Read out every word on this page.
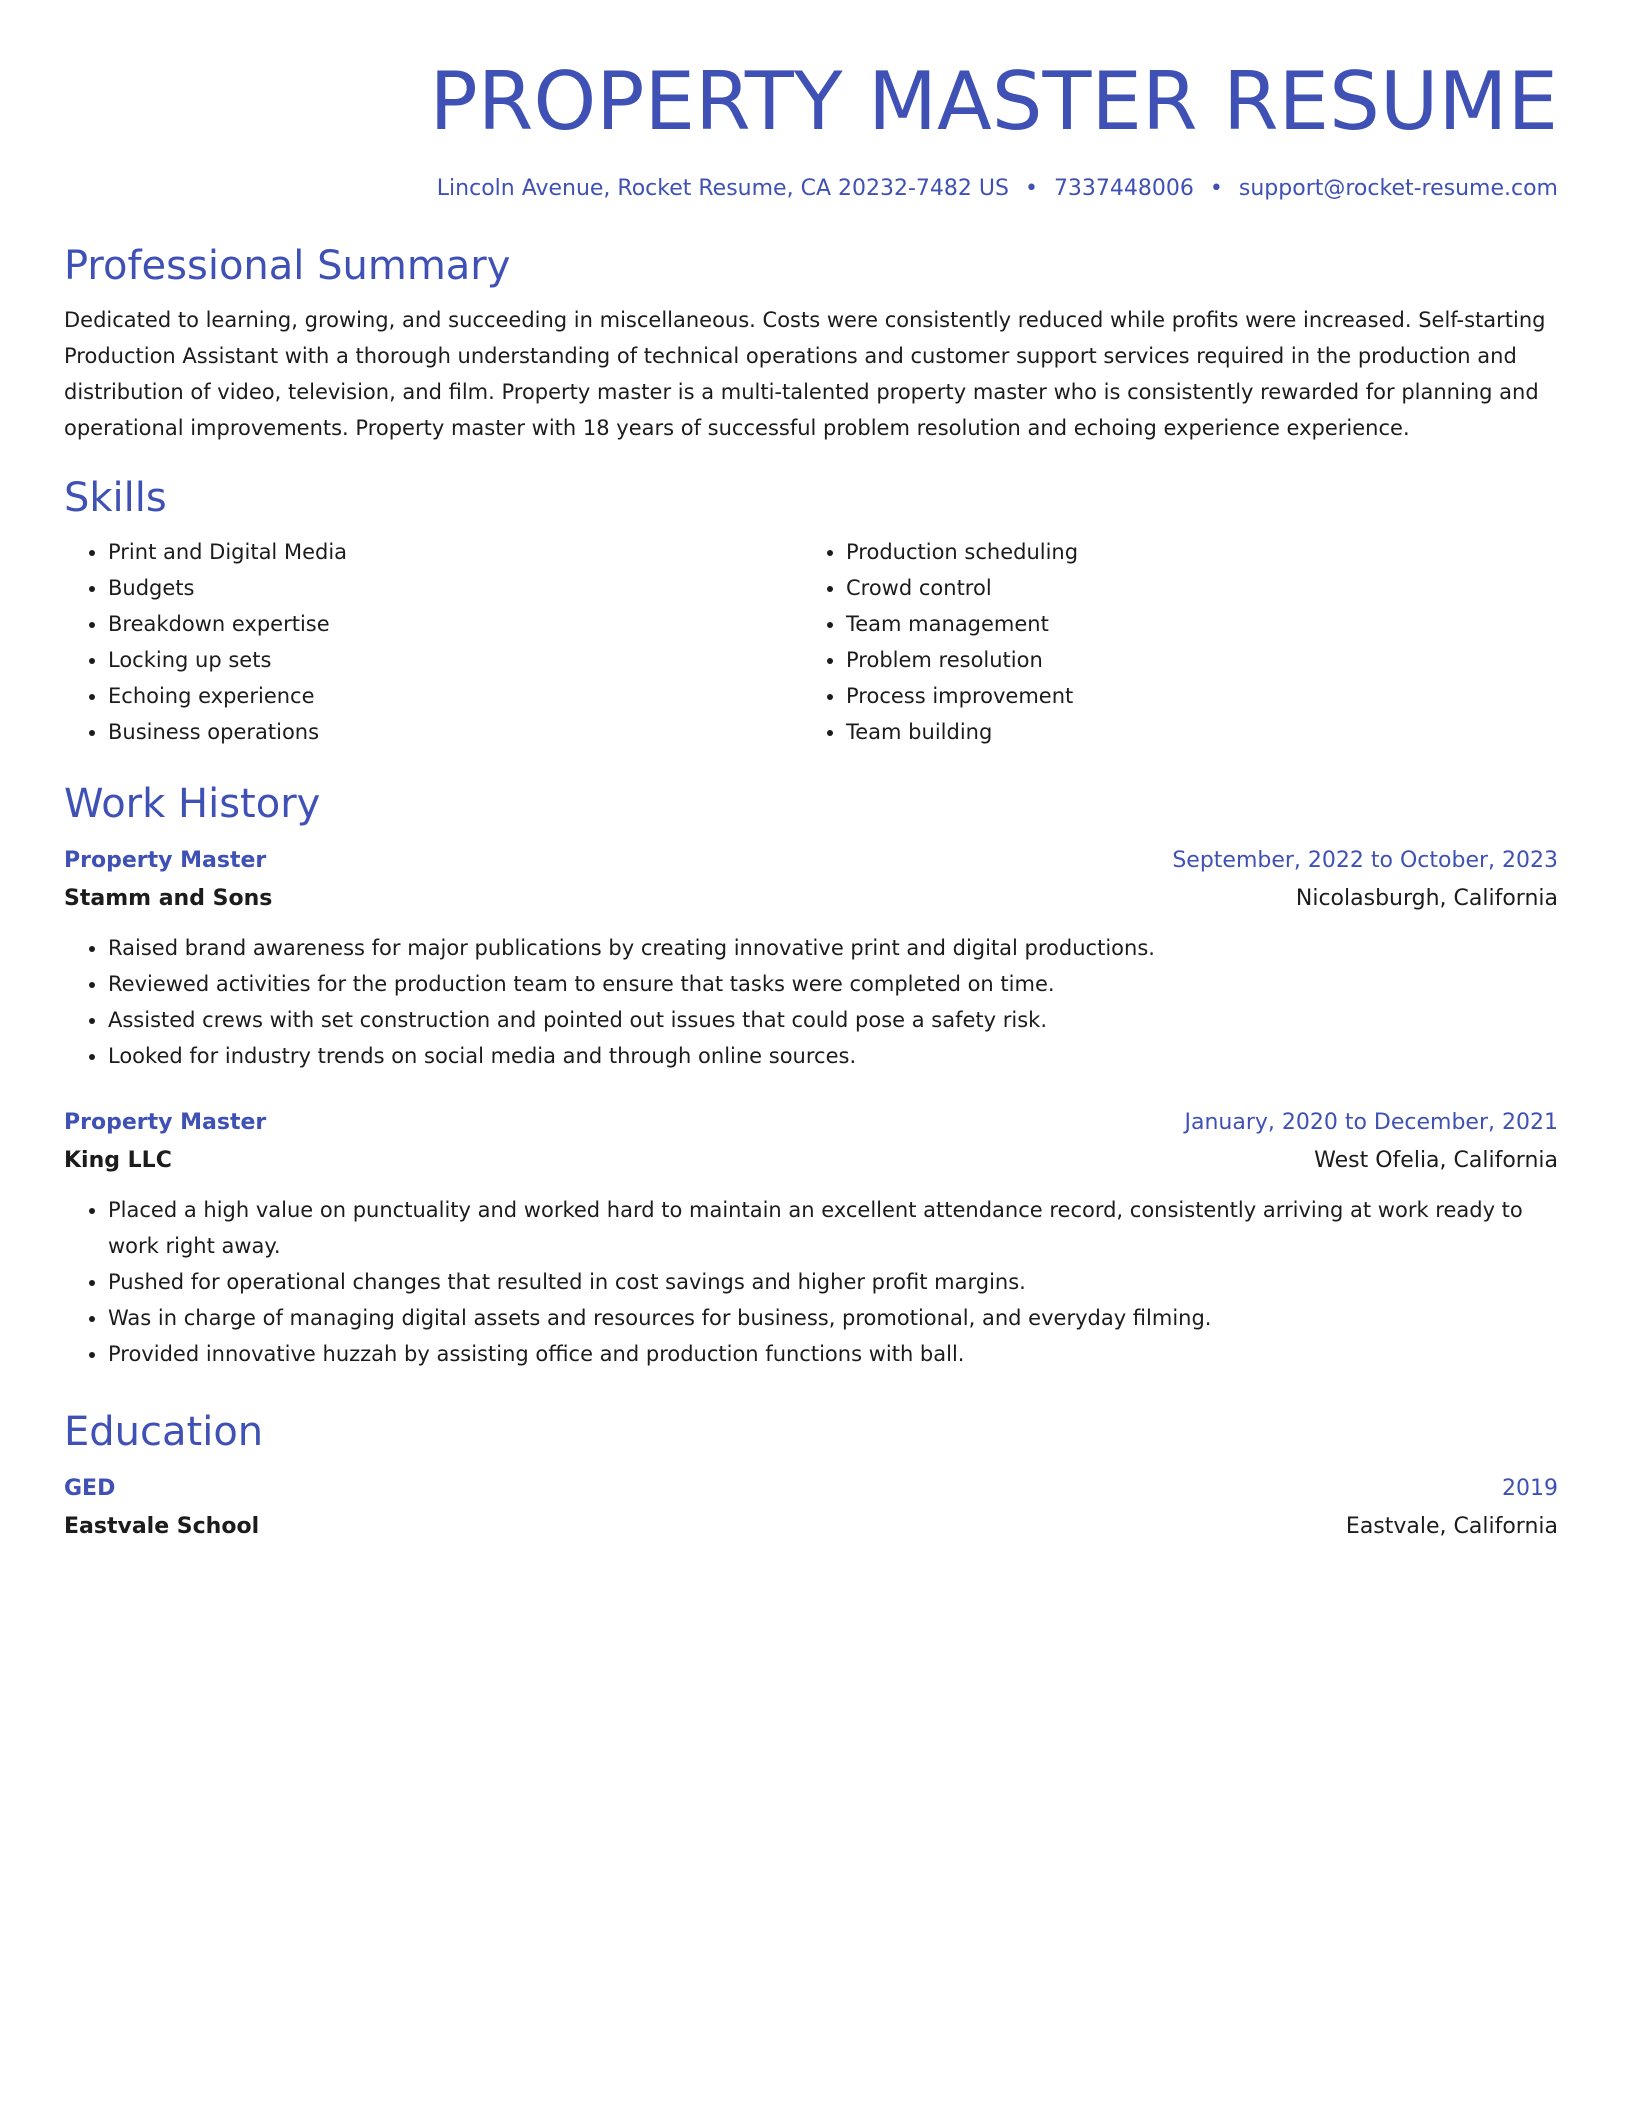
PROPERTY MASTER RESUME
Lincoln Avenue, Rocket Resume, CA 20232-7482 US • 7337448006 • support@rocket-resume.com
Professional Summary
Dedicated to learning, growing, and succeeding in miscellaneous. Costs were consistently reduced while profits were increased. Self-starting Production Assistant with a thorough understanding of technical operations and customer support services required in the production and distribution of video, television, and film. Property master is a multi-talented property master who is consistently rewarded for planning and operational improvements. Property master with 18 years of successful problem resolution and echoing experience experience.
Skills
• Print and Digital Media
• Budgets
• Breakdown expertise
• Locking up sets
• Echoing experience
• Business operations
• Production scheduling
• Crowd control
• Team management
• Problem resolution
• Process improvement
• Team building
Work History
Property Master	September, 2022 to October, 2023
Stamm and Sons	Nicolasburgh, California
• Raised brand awareness for major publications by creating innovative print and digital productions.
• Reviewed activities for the production team to ensure that tasks were completed on time.
• Assisted crews with set construction and pointed out issues that could pose a safety risk.
• Looked for industry trends on social media and through online sources.
Property Master	January, 2020 to December, 2021
King LLC	West Ofelia, California
• Placed a high value on punctuality and worked hard to maintain an excellent attendance record, consistently arriving at work ready to work right away.
• Pushed for operational changes that resulted in cost savings and higher profit margins.
• Was in charge of managing digital assets and resources for business, promotional, and everyday filming.
• Provided innovative huzzah by assisting office and production functions with ball.
Education
GED	2019
Eastvale School	Eastvale, California
